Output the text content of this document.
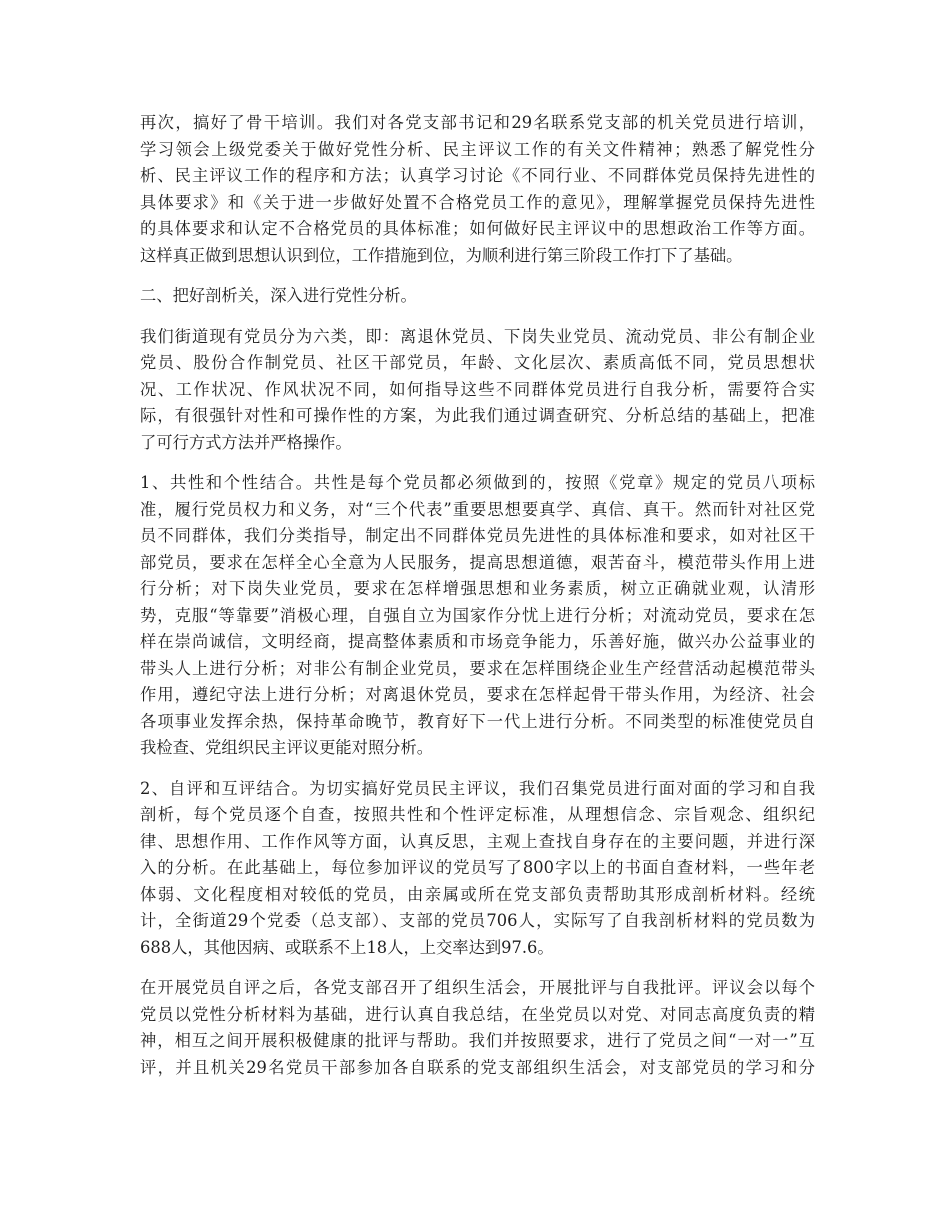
再次，搞好了骨干培训。我们对各党支部书记和29名联系党支部的机关党员进行培训，
学习领会上级党委关于做好党性分析、民主评议工作的有关文件精神；熟悉了解党性分
析、民主评议工作的程序和方法；认真学习讨论《不同行业、不同群体党员保持先进性的
具体要求》和《关于进一步做好处置不合格党员工作的意见》，理解掌握党员保持先进性
的具体要求和认定不合格党员的具体标准；如何做好民主评议中的思想政治工作等方面。
这样真正做到思想认识到位，工作措施到位，为顺利进行第三阶段工作打下了基础。
二、把好剖析关，深入进行党性分析。
我们街道现有党员分为六类，即：离退休党员、下岗失业党员、流动党员、非公有制企业
党员、股份合作制党员、社区干部党员，年龄、文化层次、素质高低不同，党员思想状
况、工作状况、作风状况不同，如何指导这些不同群体党员进行自我分析，需要符合实
际，有很强针对性和可操作性的方案，为此我们通过调查研究、分析总结的基础上，把准
了可行方式方法并严格操作。
1、共性和个性结合。共性是每个党员都必须做到的，按照《党章》规定的党员八项标
准，履行党员权力和义务，对“三个代表”重要思想要真学、真信、真干。然而针对社区党
员不同群体，我们分类指导，制定出不同群体党员先进性的具体标准和要求，如对社区干
部党员，要求在怎样全心全意为人民服务，提高思想道德，艰苦奋斗，模范带头作用上进
行分析；对下岗失业党员，要求在怎样增强思想和业务素质，树立正确就业观，认清形
势，克服“等靠要”消极心理，自强自立为国家作分忧上进行分析；对流动党员，要求在怎
样在崇尚诚信，文明经商，提高整体素质和市场竞争能力，乐善好施，做兴办公益事业的
带头人上进行分析；对非公有制企业党员，要求在怎样围绕企业生产经营活动起模范带头
作用，遵纪守法上进行分析；对离退休党员，要求在怎样起骨干带头作用，为经济、社会
各项事业发挥余热，保持革命晚节，教育好下一代上进行分析。不同类型的标准使党员自
我检查、党组织民主评议更能对照分析。
2、自评和互评结合。为切实搞好党员民主评议，我们召集党员进行面对面的学习和自我
剖析，每个党员逐个自查，按照共性和个性评定标准，从理想信念、宗旨观念、组织纪
律、思想作用、工作作风等方面，认真反思，主观上查找自身存在的主要问题，并进行深
入的分析。在此基础上，每位参加评议的党员写了800字以上的书面自查材料，一些年老
体弱、文化程度相对较低的党员，由亲属或所在党支部负责帮助其形成剖析材料。经统
计，全街道29个党委（总支部）、支部的党员706人，实际写了自我剖析材料的党员数为
688人，其他因病、或联系不上18人，上交率达到97.6。
在开展党员自评之后，各党支部召开了组织生活会，开展批评与自我批评。评议会以每个
党员以党性分析材料为基础，进行认真自我总结，在坐党员以对党、对同志高度负责的精
神，相互之间开展积极健康的批评与帮助。我们并按照要求，进行了党员之间“一对一”互
评，并且机关29名党员干部参加各自联系的党支部组织生活会，对支部党员的学习和分
